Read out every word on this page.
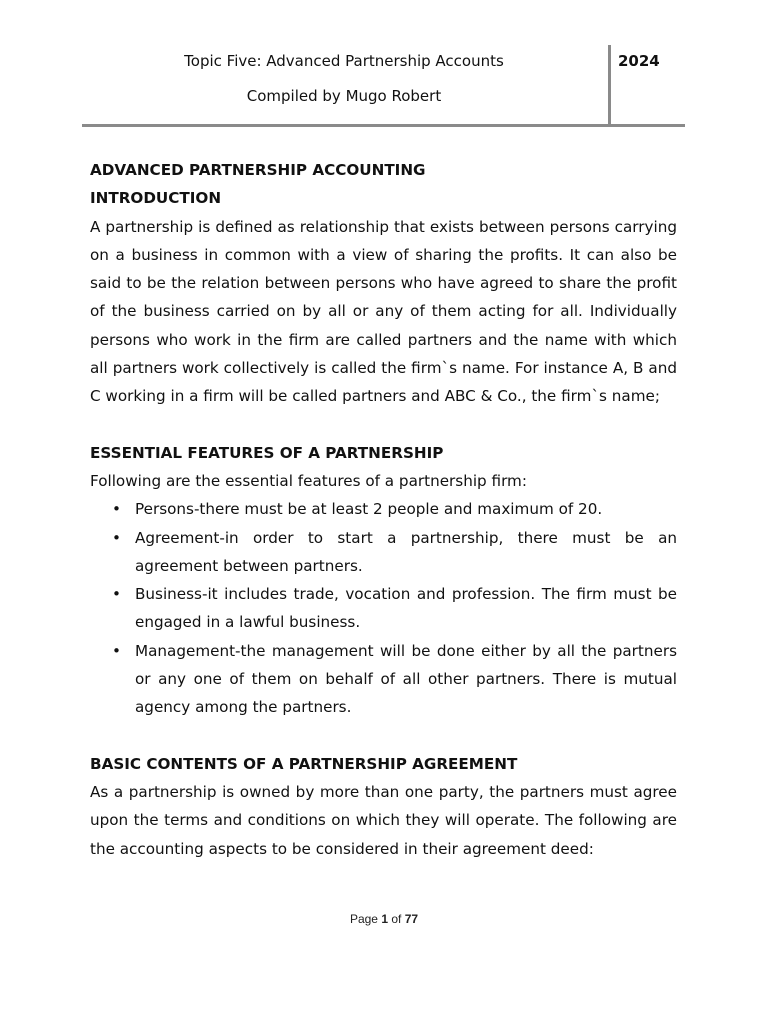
Topic Five: Advanced Partnership Accounts
Compiled by Mugo Robert
2024

ADVANCED PARTNERSHIP ACCOUNTING

INTRODUCTION

A partnership is defined as relationship that exists between persons carrying on a business in common with a view of sharing the profits. It can also be said to be the relation between persons who have agreed to share the profit of the business carried on by all or any of them acting for all. Individually persons who work in the firm are called partners and the name with which all partners work collectively is called the firm`s name. For instance A, B and C working in a firm will be called partners and ABC & Co., the firm`s name;

ESSENTIAL FEATURES OF A PARTNERSHIP

Following are the essential features of a partnership firm:

• Persons-there must be at least 2 people and maximum of 20.
• Agreement-in order to start a partnership, there must be an agreement between partners.
• Business-it includes trade, vocation and profession. The firm must be engaged in a lawful business.
• Management-the management will be done either by all the partners or any one of them on behalf of all other partners. There is mutual agency among the partners.

BASIC CONTENTS OF A PARTNERSHIP AGREEMENT

As a partnership is owned by more than one party, the partners must agree upon the terms and conditions on which they will operate. The following are the accounting aspects to be considered in their agreement deed:

Page 1 of 77
